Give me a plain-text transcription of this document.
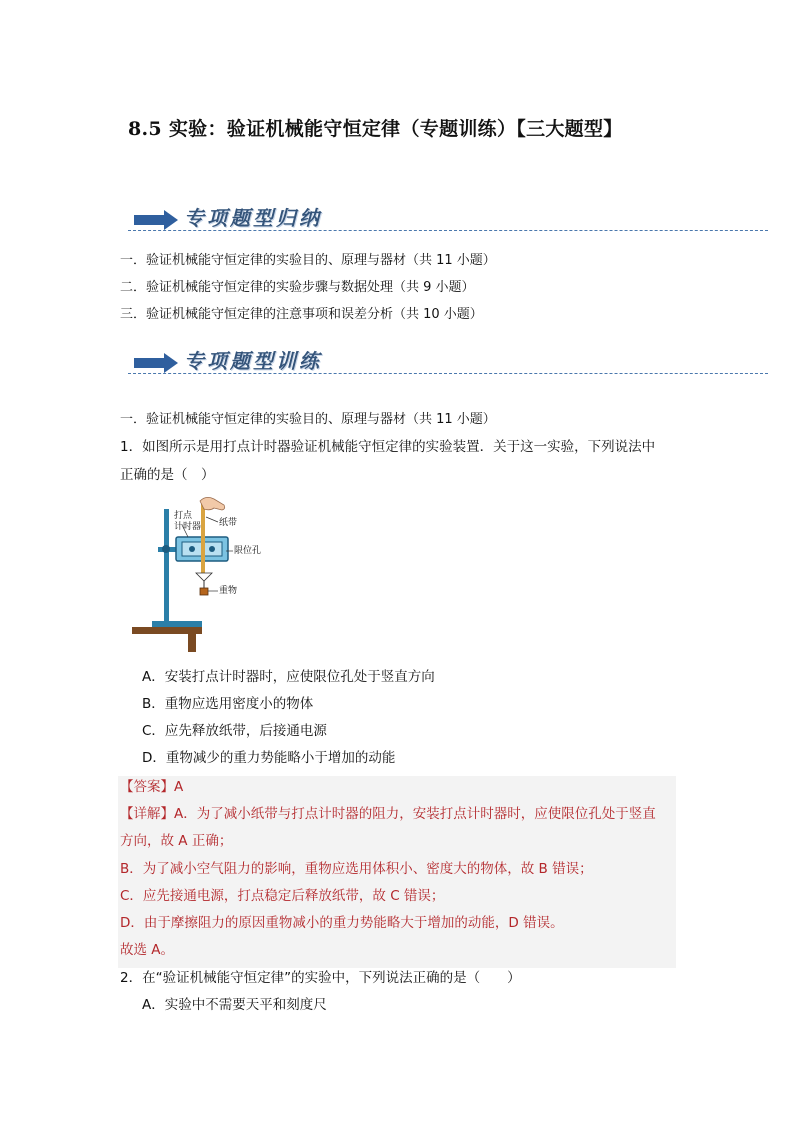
8.5 实验：验证机械能守恒定律（专题训练）【三大题型】
专项题型归纳
一．验证机械能守恒定律的实验目的、原理与器材（共 11 小题）
二．验证机械能守恒定律的实验步骤与数据处理（共 9 小题）
三．验证机械能守恒定律的注意事项和误差分析（共 10 小题）
专项题型训练
一．验证机械能守恒定律的实验目的、原理与器材（共 11 小题）
1．如图所示是用打点计时器验证机械能守恒定律的实验装置．关于这一实验，下列说法中
正确的是（　）
打点
计时器 纸带
限位孔
重物
A．安装打点计时器时，应使限位孔处于竖直方向
B．重物应选用密度小的物体
C．应先释放纸带，后接通电源
D．重物减少的重力势能略小于增加的动能
【答案】A
【详解】A．为了减小纸带与打点计时器的阻力，安装打点计时器时，应使限位孔处于竖直
方向，故 A 正确；
B．为了减小空气阻力的影响，重物应选用体积小、密度大的物体，故 B 错误；
C．应先接通电源，打点稳定后释放纸带，故 C 错误；
D．由于摩擦阻力的原因重物减小的重力势能略大于增加的动能，D 错误。
故选 A。
2．在“验证机械能守恒定律”的实验中，下列说法正确的是（　　）
A．实验中不需要天平和刻度尺
